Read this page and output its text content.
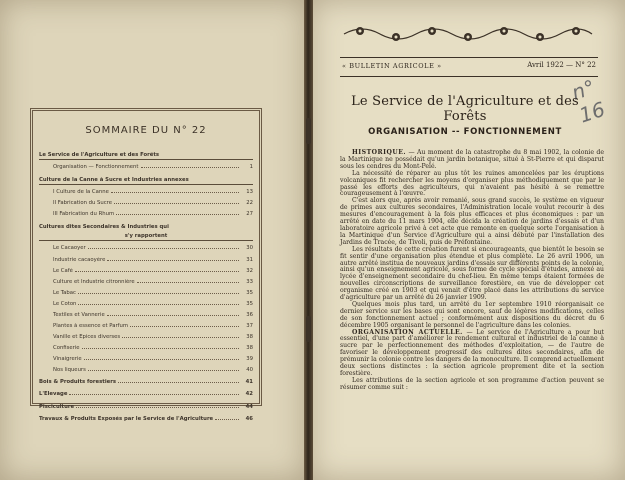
SOMMAIRE DU N° 22
Le Service de l'Agriculture et des Forêts
Organisation — Fonctionnement	1
Culture de la Canne à Sucre et Industries annexes
I Culture de la Canne	13
II Fabrication du Sucre	22
III Fabrication du Rhum	27
Cultures dites Secondaires & Industries qui
s'y rapportent
Le Cacaoyer	30
Industrie cacaoyère	31
Le Café	32
Culture et Industrie citronnière	33
Le Tabac	35
Le Coton	35
Textiles et Vannerie	36
Plantes à essence et Parfum	37
Vanille et Épices diverses	38
Confiserie	38
Vinaigrerie	39
Nos liqueurs	40
Bois & Produits forestiers	41
L'Élevage	42
Pisciculture	44
Travaux & Produits Exposés par le Service de l'Agriculture	46
« BULLETIN AGRICOLE »	Avril 1922 — N° 22
n° 16
Le Service de l'Agriculture et des Forêts
ORGANISATION -- FONCTIONNEMENT

HISTORIQUE. — Au moment de la catastrophe du 8 mai 1902, la colonie de la Martinique ne possédait qu'un jardin botanique, situé à St-Pierre et qui disparut sous les cendres du Mont-Pelé.

La nécessité de réparer au plus tôt les ruines amoncelées par les éruptions volcaniques fit rechercher les moyens d'organiser plus méthodiquement que par le passé les efforts des agriculteurs, qui n'avaient pas hésité à se remettre courageusement à l'œuvre.

C'est alors que, après avoir remanié, sous grand succès, le système en vigueur de primes aux cultures secondaires, l'Administration locale voulut recourir à des mesures d'encouragement à la fois plus efficaces et plus économiques : par un arrêté en date du 11 mars 1904, elle décida la création de jardins d'essais et d'un laboratoire agricole privé à cet acte que remonte en quelque sorte l'organisation à la Martinique d'un Service d'Agriculture qui a ainsi débuté par l'installation des Jardins de Tracée, de Tivoli, puis de Préfontaine.

Les résultats de cette création furent si encourageants, que bientôt le besoin se fit sentir d'une organisation plus étendue et plus complète. Le 26 avril 1906, un autre arrêté institua de nouveaux jardins d'essais sur différents points de la colonie, ainsi qu'un enseignement agricole, sous forme de cycle spécial d'études, annexé au lycée d'enseignement secondaire du chef-lieu. En même temps étaient formées de nouvelles circonscriptions de surveillance forestière, en vue de développer cet organisme créé en 1903 et qui venait d'être placé dans les attributions du service d'agriculture par un arrêté du 26 janvier 1909.

Quelques mois plus tard, un arrêté du 1er septembre 1910 réorganisait ce dernier service sur les bases qui sont encore, sauf de légères modifications, celles de son fonctionnement actuel ; conformément aux dispositions du décret du 6 décembre 1905 organisant le personnel de l'agriculture dans les colonies.

ORGANISATION ACTUELLE. — Le service de l'Agriculture a pour but essentiel, d'une part d'améliorer le rendement cultural et industriel de la canne à sucre par le perfectionnement des méthodes d'exploitation, — de l'autre de favoriser le développement progressif des cultures dites secondaires, afin de prémunir la colonie contre les dangers de la monoculture. Il comprend actuellement deux sections distinctes : la section agricole proprement dite et la section forestière.

Les attributions de la section agricole et son programme d'action peuvent se résumer comme suit :
